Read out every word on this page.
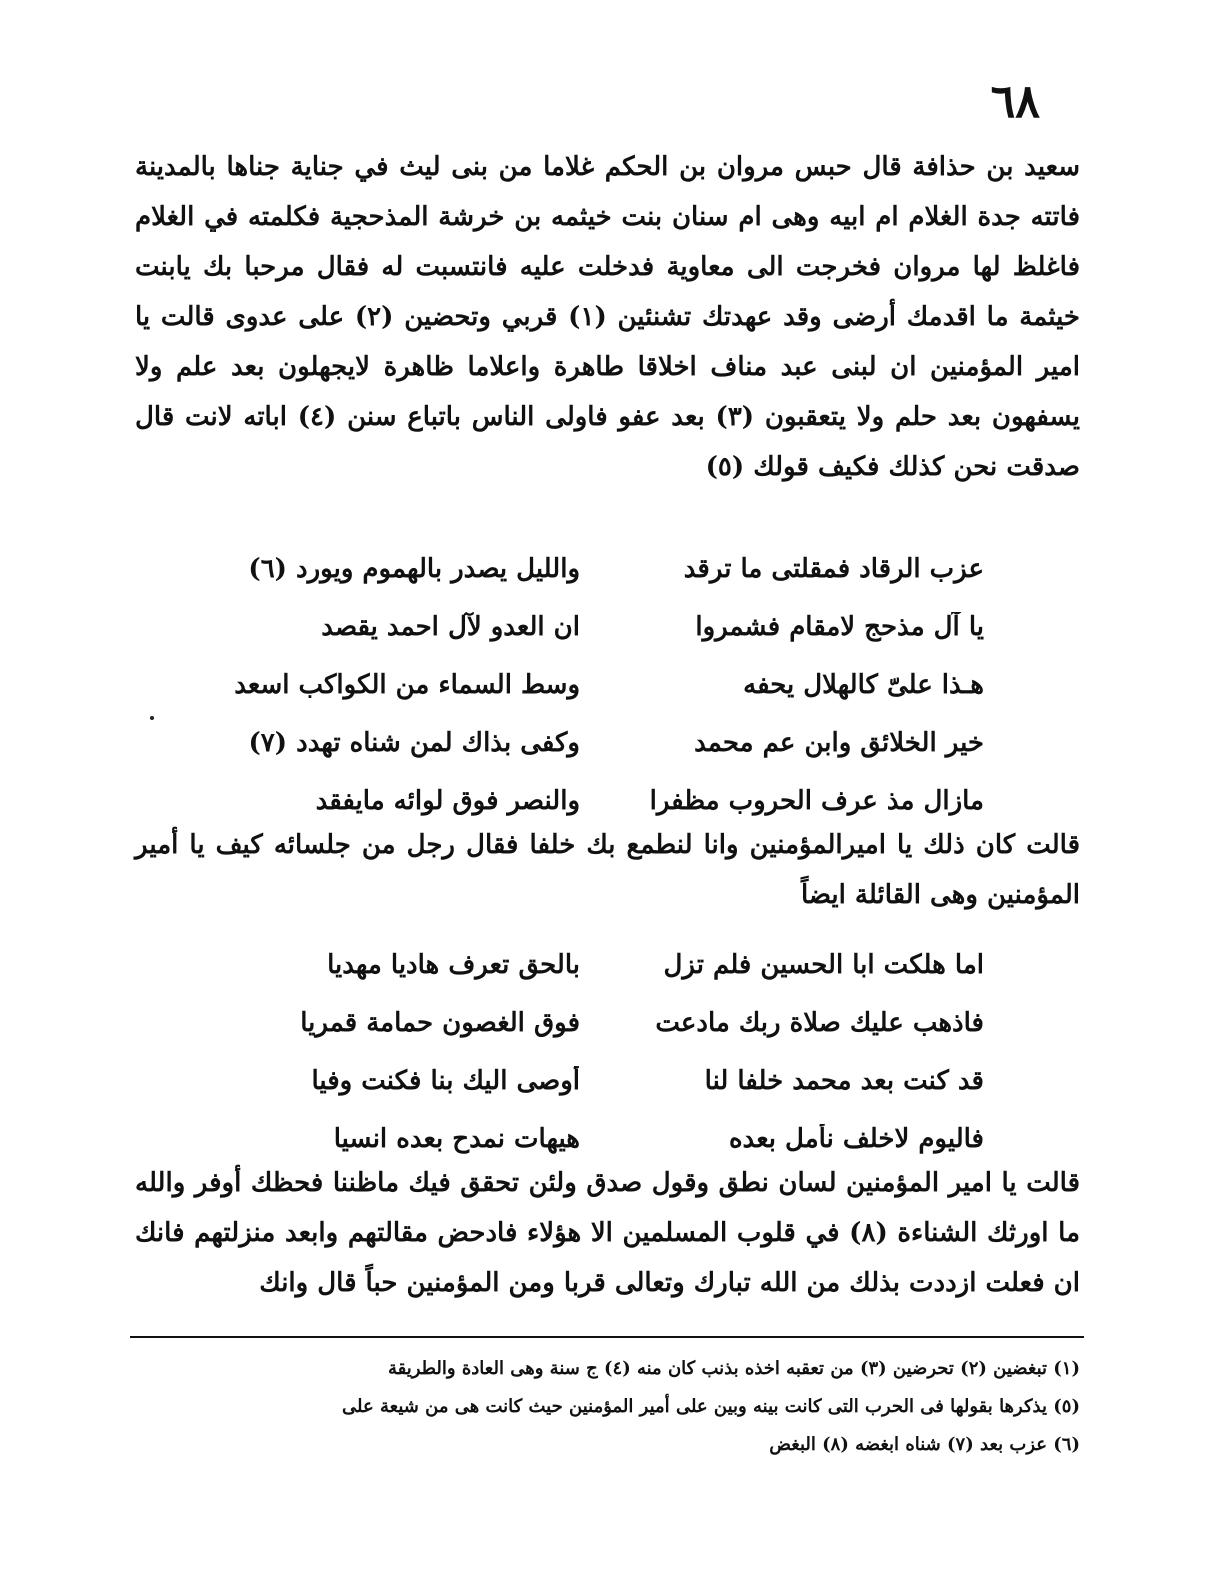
٦٨

سعيد بن حذافة قال حبس مروان بن الحكم غلاما من بنى ليث في جناية جناها بالمدينة فاتته جدة الغلام ام ابيه وهى ام سنان بنت خيثمه بن خرشة المذحجية فكلمته في الغلام فاغلظ لها مروان فخرجت الى معاوية فدخلت عليه فانتسبت له فقال مرحبا بك يابنت خيثمة ما اقدمك أرضى وقد عهدتك تشنئين (١) قربي وتحضين (٢) على عدوى قالت يا امير المؤمنين ان لبنى عبد مناف اخلاقا طاهرة واعلاما ظاهرة لايجهلون بعد علم ولا يسفهون بعد حلم ولا يتعقبون (٣) بعد عفو فاولى الناس باتباع سنن (٤) اباته لانت قال صدقت نحن كذلك فكيف قولك (٥)

عزب الرقاد فمقلتى ما ترقد
والليل يصدر بالهموم ويورد (٦)
يا آل مذحج لامقام فشمروا
ان العدو لآل احمد يقصد
هـذا علىّ كالهلال يحفه
وسط السماء من الكواكب اسعد
خير الخلائق وابن عم محمد
وكفى بذاك لمن شناه تهدد (٧)
مازال مذ عرف الحروب مظفرا
والنصر فوق لوائه مايفقد

قالت كان ذلك يا اميرالمؤمنين وانا لنطمع بك خلفا فقال رجل من جلسائه كيف يا أمير المؤمنين وهى القائلة ايضاً

اما هلكت ابا الحسين فلم تزل
بالحق تعرف هاديا مهديا
فاذهب عليك صلاة ربك مادعت
فوق الغصون حمامة قمريا
قد كنت بعد محمد خلفا لنا
أوصى اليك بنا فكنت وفيا
فاليوم لاخلف نأمل بعده
هيهات نمدح بعده انسيا

قالت يا امير المؤمنين لسان نطق وقول صدق ولئن تحقق فيك ماظننا فحظك أوفر والله ما اورثك الشناءة (٨) في قلوب المسلمين الا هؤلاء فادحض مقالتهم وابعد منزلتهم فانك ان فعلت ازددت بذلك من الله تبارك وتعالى قربا ومن المؤمنين حباً قال وانك

(١) تبغضين (٢) تحرضين (٣) من تعقبه اخذه بذنب كان منه (٤) ج سنة وهى العادة والطريقة

(٥) يذكرها بقولها فى الحرب التى كانت بينه وبين على أمير المؤمنين حيث كانت هى من شيعة على

(٦) عزب بعد (٧) شناه ابغضه (٨) البغض
